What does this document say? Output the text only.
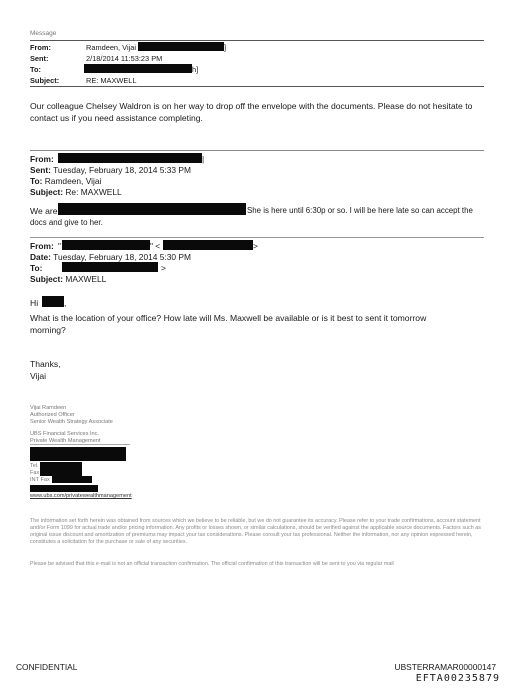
Message
From:	Ramdeen, Vijai	]
Sent:	2/18/2014 11:53:23 PM
To:	h]
Subject:	RE: MAXWELL
Our colleague Chelsey Waldron is on her way to drop off the envelope with the documents. Please do not hesitate to contact us if you need assistance completing.
From:	|
Sent: Tuesday, February 18, 2014 5:33 PM
To: Ramdeen, Vijai
Subject: Re: MAXWELL
We are	She is here until 6:30p or so. I will be here late so can accept the
docs and give to her.
From: "	" <	>
Date: Tuesday, February 18, 2014 5:30 PM
To:	>
Subject: MAXWELL
Hi	,
What is the location of your office? How late will Ms. Maxwell be available or is it best to sent it tomorrow
morning?
Thanks,
Vijai
Vijai Ramdeen
Authorized Officer
Senior Wealth Strategy Associate
UBS Financial Services Inc.
Private Wealth Management
Tel.
Fax
INT Fax
www.ubs.com/privatewealthmanagement
The information set forth herein was obtained from sources which we believe to be reliable, but we do not guarantee its accuracy. Please refer to your trade confirmations, account statement and/or Form 1099 for actual trade and/or pricing information. Any profits or losses shown, or similar calculations, should be verified against the applicable source documents. Factors such as original issue discount and amortization of premiums may impact your tax considerations. Please consult your tax professional. Neither the information, nor any opinion expressed herein, constitutes a solicitation for the purchase or sale of any securities.
Please be advised that this e-mail is not an official transaction confirmation. The official confirmation of this transaction will be sent to you via regular mail
CONFIDENTIAL	UBSTERRAMAR00000147
EFTA00235879
